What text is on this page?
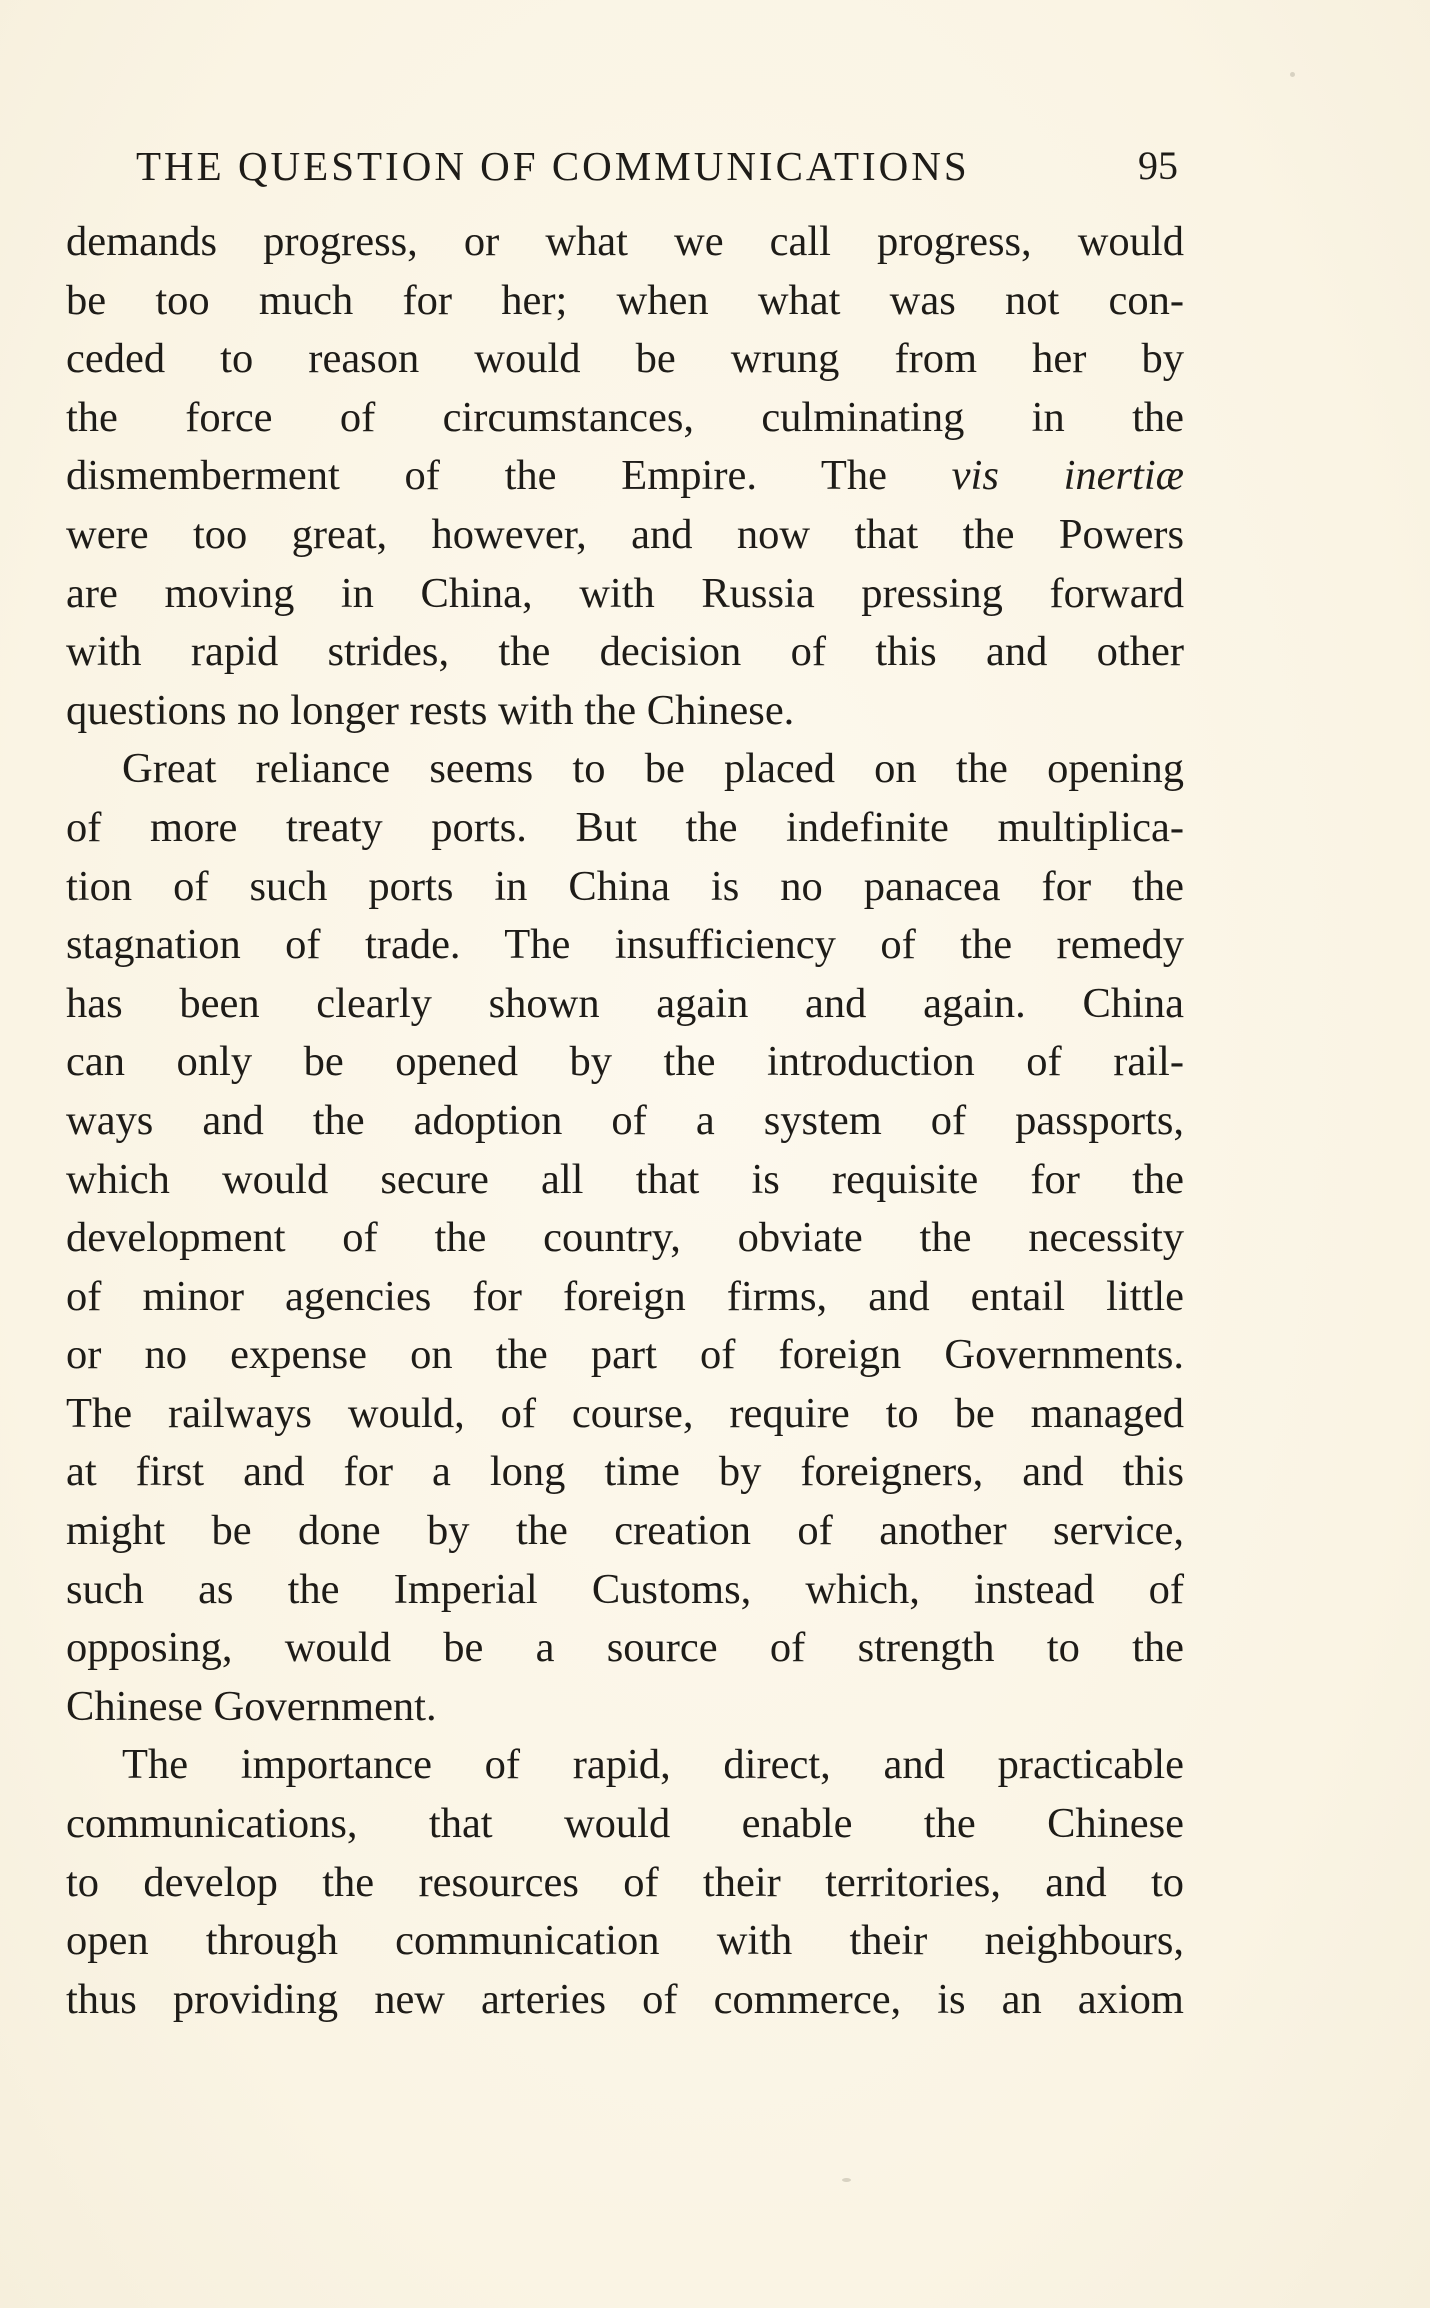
THE QUESTION OF COMMUNICATIONS	95
demands progress, or what we call progress, would
be too much for her; when what was not con-
ceded to reason would be wrung from her by
the force of circumstances, culminating in the
dismemberment of the Empire. The vis inertiæ
were too great, however, and now that the Powers
are moving in China, with Russia pressing forward
with rapid strides, the decision of this and other
questions no longer rests with the Chinese.
Great reliance seems to be placed on the opening
of more treaty ports. But the indefinite multiplica-
tion of such ports in China is no panacea for the
stagnation of trade. The insufficiency of the remedy
has been clearly shown again and again. China
can only be opened by the introduction of rail-
ways and the adoption of a system of passports,
which would secure all that is requisite for the
development of the country, obviate the necessity
of minor agencies for foreign firms, and entail little
or no expense on the part of foreign Governments.
The railways would, of course, require to be managed
at first and for a long time by foreigners, and this
might be done by the creation of another service,
such as the Imperial Customs, which, instead of
opposing, would be a source of strength to the
Chinese Government.
The importance of rapid, direct, and practicable
communications, that would enable the Chinese
to develop the resources of their territories, and to
open through communication with their neighbours,
thus providing new arteries of commerce, is an axiom
